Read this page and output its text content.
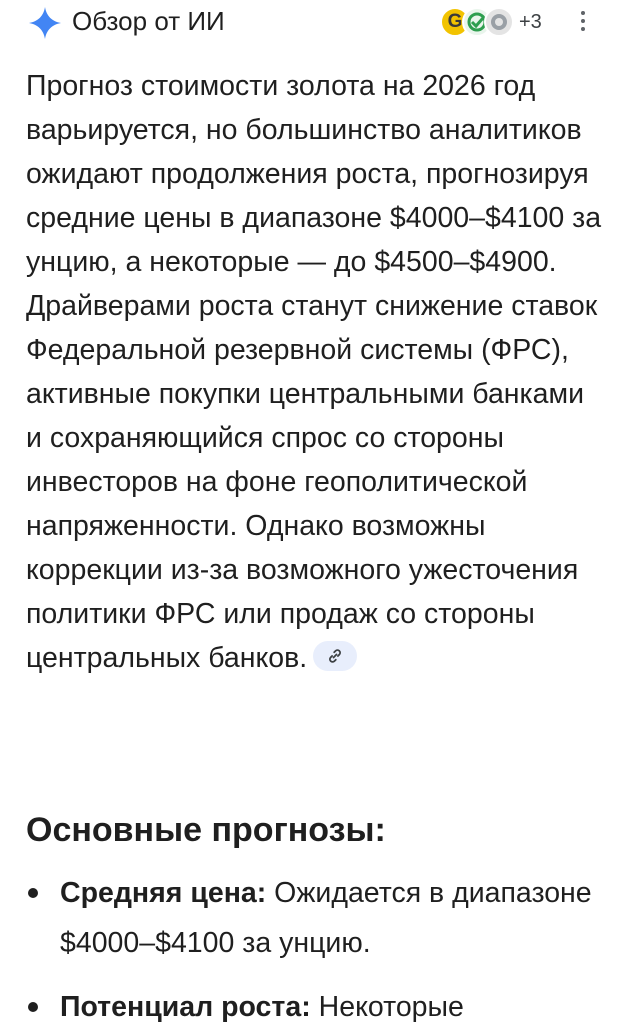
Обзор от ИИ	G	+3

Прогноз стоимости золота на 2026 год варьируется, но большинство аналитиков ожидают продолжения роста, прогнозируя средние цены в диапазоне $4000–$4100 за унцию, а некоторые — до $4500–$4900. Драйверами роста станут снижение ставок Федеральной резервной системы (ФРС), активные покупки центральными банками и сохраняющийся спрос со стороны инвесторов на фоне геополитической напряженности. Однако возможны коррекции из-за возможного ужесточения политики ФРС или продаж со стороны центральных банков.

Основные прогнозы:
Средняя цена: Ожидается в диапазоне $4000–$4100 за унцию.
Потенциал роста: Некоторые
